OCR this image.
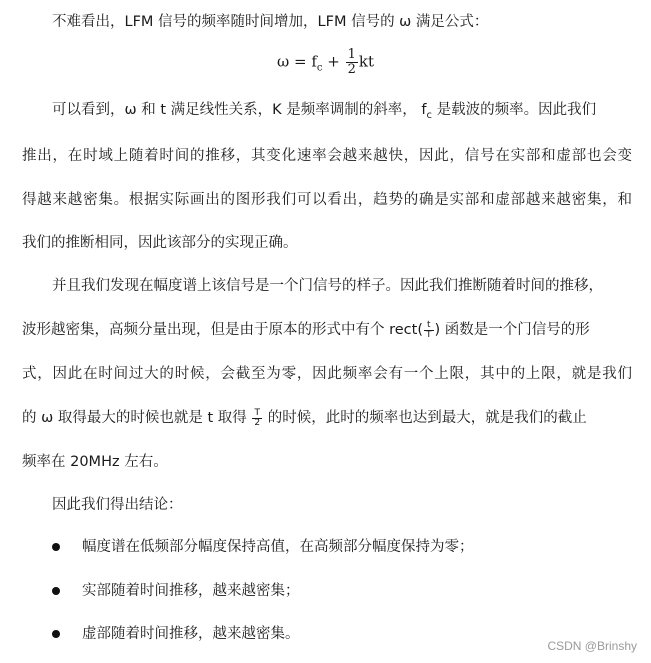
不难看出，LFM 信号的频率随时间增加，LFM 信号的 ω 满足公式：
$\omega = f_c + \frac{1}{2}$ kt
可以看到，ω 和 t 满足线性关系，K 是频率调制的斜率， $f_c$ 是载波的频率。因此我们
推出，在时域上随着时间的推移，其变化速率会越来越快，因此，信号在实部和虚部也会变
得越来越密集。根据实际画出的图形我们可以看出，趋势的确是实部和虚部越来越密集，和
我们的推断相同，因此该部分的实现正确。
并且我们发现在幅度谱上该信号是一个门信号的样子。因此我们推断随着时间的推移，
波形越密集，高频分量出现，但是由于原本的形式中有个 rect( $\frac{t}{T}$ ) 函数是一个门信号的形
式，因此在时间过大的时候，会截至为零，因此频率会有一个上限，其中的上限，就是我们
的 ω 取得最大的时候也就是 t 取得 $\frac{T}{2}$ 的时候，此时的频率也达到最大，就是我们的截止
频率在 20MHz 左右。
因此我们得出结论：
幅度谱在低频部分幅度保持高值，在高频部分幅度保持为零；
实部随着时间推移，越来越密集；
虚部随着时间推移，越来越密集。
CSDN @Brinshy
